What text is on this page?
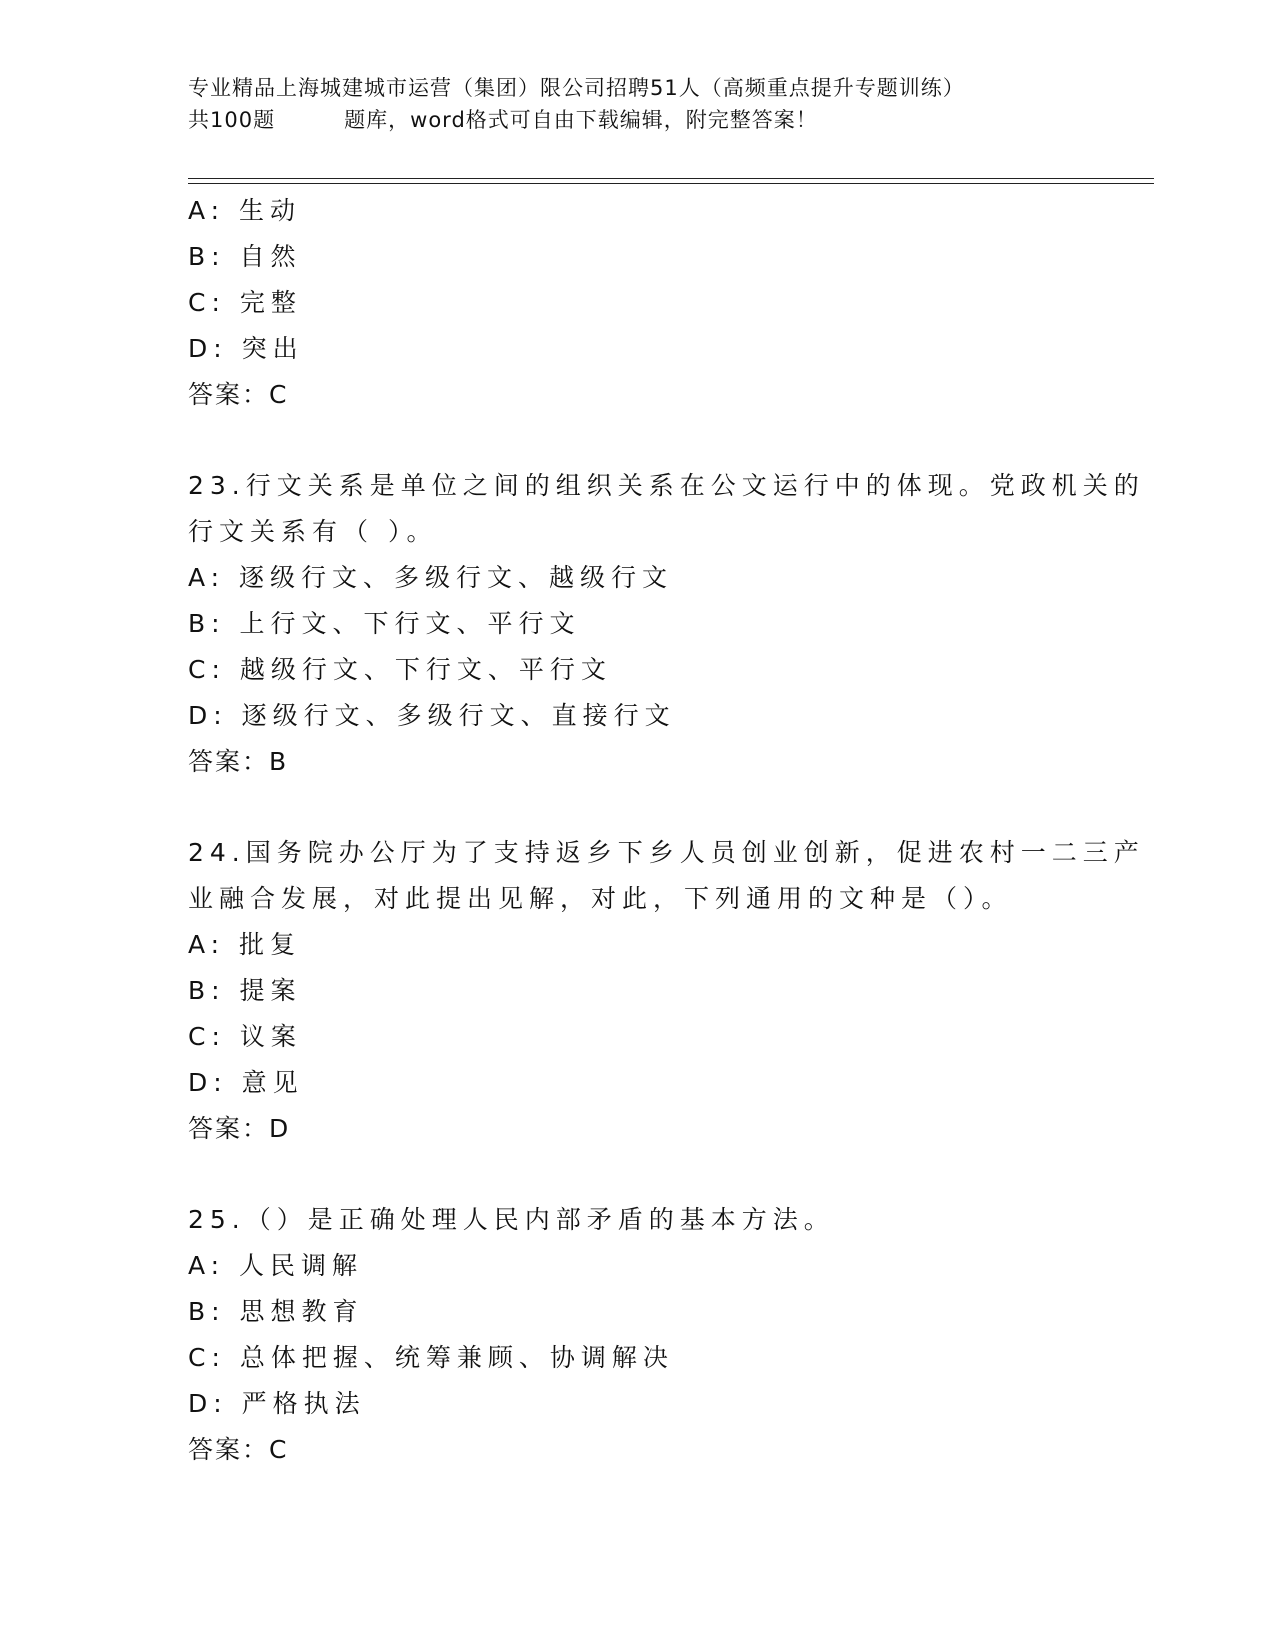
专业精品上海城建城市运营（集团）限公司招聘51人（高频重点提升专题训练）
共100题         题库，word格式可自由下载编辑，附完整答案！
A: 生动
B: 自然
C: 完整
D: 突出
答案：C
23.行文关系是单位之间的组织关系在公文运行中的体现。党政机关的
行文关系有（ ）。
A: 逐级行文、多级行文、越级行文
B: 上行文、下行文、平行文
C: 越级行文、下行文、平行文
D: 逐级行文、多级行文、直接行文
答案：B
24.国务院办公厅为了支持返乡下乡人员创业创新，促进农村一二三产
业融合发展，对此提出见解，对此，下列通用的文种是（）。
A: 批复
B: 提案
C: 议案
D: 意见
答案：D
25.（）是正确处理人民内部矛盾的基本方法。
A: 人民调解
B: 思想教育
C: 总体把握、统筹兼顾、协调解决
D: 严格执法
答案：C
